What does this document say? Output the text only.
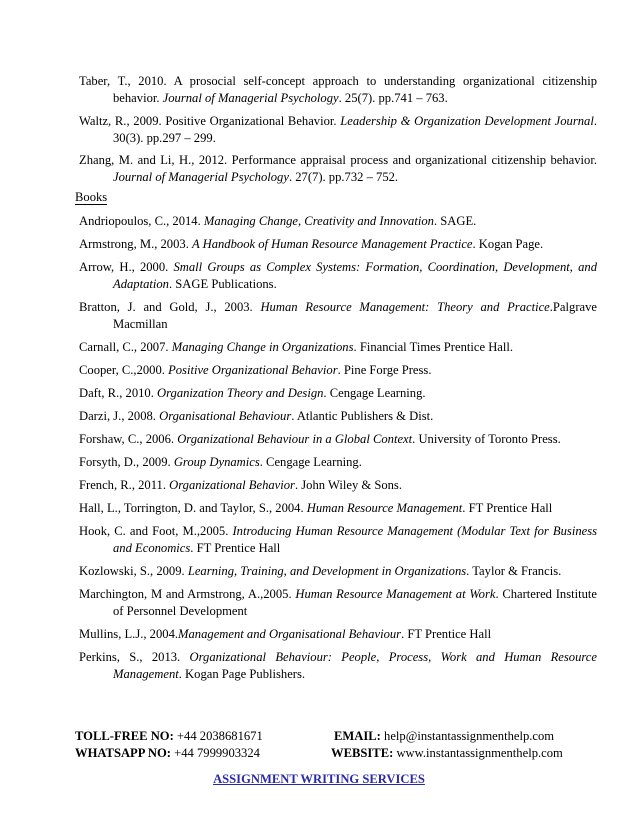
Taber, T., 2010. A prosocial self-concept approach to understanding organizational citizenship behavior. Journal of Managerial Psychology. 25(7). pp.741 – 763.
Waltz, R., 2009. Positive Organizational Behavior. Leadership & Organization Development Journal. 30(3). pp.297 – 299.
Zhang, M. and Li, H., 2012. Performance appraisal process and organizational citizenship behavior. Journal of Managerial Psychology. 27(7). pp.732 – 752.
Books
Andriopoulos, C., 2014. Managing Change, Creativity and Innovation. SAGE.
Armstrong, M., 2003. A Handbook of Human Resource Management Practice. Kogan Page.
Arrow, H., 2000. Small Groups as Complex Systems: Formation, Coordination, Development, and Adaptation. SAGE Publications.
Bratton, J. and Gold, J., 2003. Human Resource Management: Theory and Practice.Palgrave Macmillan
Carnall, C., 2007. Managing Change in Organizations. Financial Times Prentice Hall.
Cooper, C.,2000. Positive Organizational Behavior. Pine Forge Press.
Daft, R., 2010. Organization Theory and Design. Cengage Learning.
Darzi, J., 2008. Organisational Behaviour. Atlantic Publishers & Dist.
Forshaw, C., 2006. Organizational Behaviour in a Global Context. University of Toronto Press.
Forsyth, D., 2009. Group Dynamics. Cengage Learning.
French, R., 2011. Organizational Behavior. John Wiley & Sons.
Hall, L., Torrington, D. and Taylor, S., 2004. Human Resource Management. FT Prentice Hall
Hook, C. and Foot, M.,2005. Introducing Human Resource Management (Modular Text for Business and Economics. FT Prentice Hall
Kozlowski, S., 2009. Learning, Training, and Development in Organizations. Taylor & Francis.
Marchington, M and Armstrong, A.,2005. Human Resource Management at Work. Chartered Institute of Personnel Development
Mullins, L.J., 2004.Management and Organisational Behaviour. FT Prentice Hall
Perkins, S., 2013. Organizational Behaviour: People, Process, Work and Human Resource Management. Kogan Page Publishers.
TOLL-FREE NO: +44 2038681671	EMAIL: help@instantassignmenthelp.com
WHATSAPP NO: +44 7999903324	WEBSITE: www.instantassignmenthelp.com
ASSIGNMENT WRITING SERVICES
